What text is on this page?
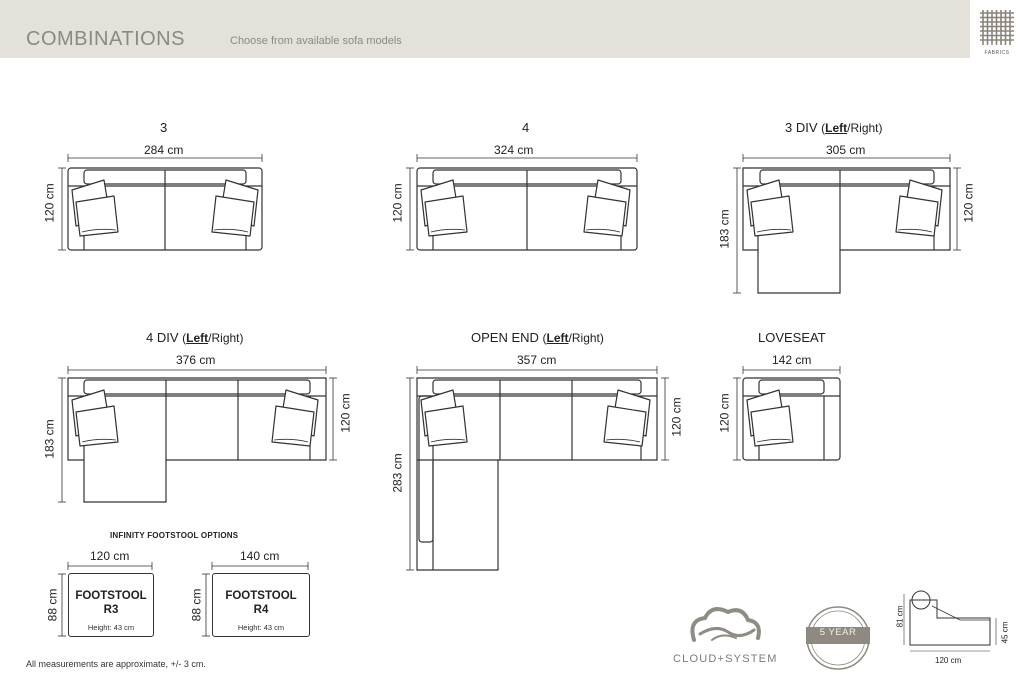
COMBINATIONS	Choose from available sofa models
FABRICS
3	4	3 DIV (Left/Right)
4 DIV (Left/Right)	OPEN END (Left/Right)	LOVESEAT
284 cm	324 cm	305 cm
376 cm	357 cm	142 cm
120 cm	120 cm
183 cm
120 cm
183 cm
120 cm
283 cm
120 cm	120 cm
INFINITY FOOTSTOOL OPTIONS
120 cm
88 cm	FOOTSTOOL
R3
Height: 43 cm
140 cm
88 cm	FOOTSTOOL
R4
Height: 43 cm
81 cm
45 cm
120 cm
All measurements are approximate, +/- 3 cm.	CLOUD+SYSTEM
5 YEAR
